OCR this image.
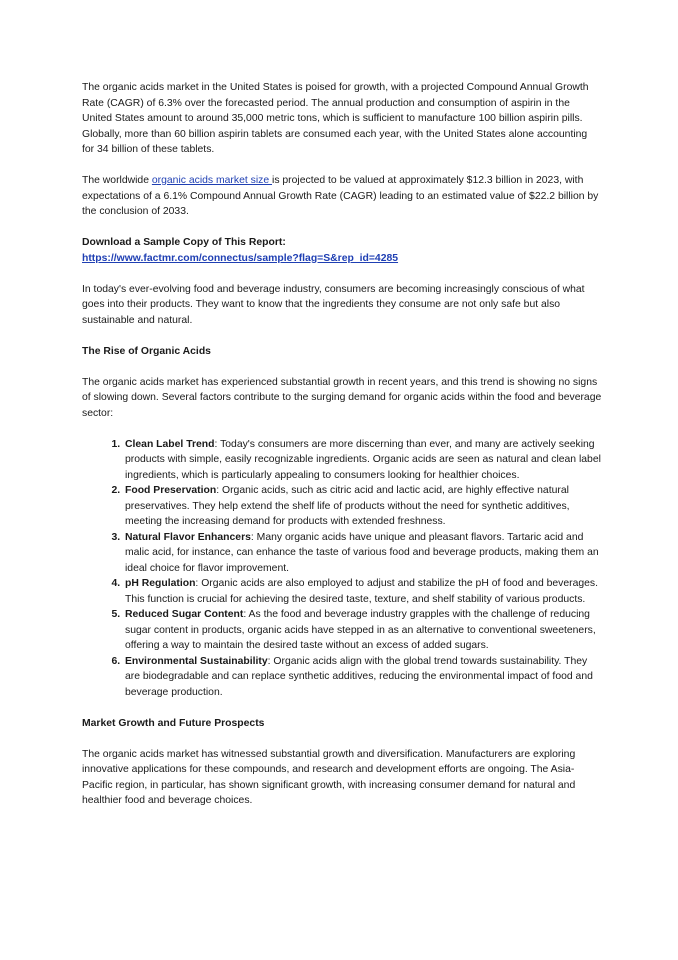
The organic acids market in the United States is poised for growth, with a projected Compound Annual Growth Rate (CAGR) of 6.3% over the forecasted period. The annual production and consumption of aspirin in the United States amount to around 35,000 metric tons, which is sufficient to manufacture 100 billion aspirin pills. Globally, more than 60 billion aspirin tablets are consumed each year, with the United States alone accounting for 34 billion of these tablets.

The worldwide organic acids market size is projected to be valued at approximately $12.3 billion in 2023, with expectations of a 6.1% Compound Annual Growth Rate (CAGR) leading to an estimated value of $22.2 billion by the conclusion of 2033.

Download a Sample Copy of This Report:
https://www.factmr.com/connectus/sample?flag=S&rep_id=4285

In today's ever-evolving food and beverage industry, consumers are becoming increasingly conscious of what goes into their products. They want to know that the ingredients they consume are not only safe but also sustainable and natural.

The Rise of Organic Acids

The organic acids market has experienced substantial growth in recent years, and this trend is showing no signs of slowing down. Several factors contribute to the surging demand for organic acids within the food and beverage sector:

1. Clean Label Trend: Today's consumers are more discerning than ever, and many are actively seeking products with simple, easily recognizable ingredients. Organic acids are seen as natural and clean label ingredients, which is particularly appealing to consumers looking for healthier choices.
2. Food Preservation: Organic acids, such as citric acid and lactic acid, are highly effective natural preservatives. They help extend the shelf life of products without the need for synthetic additives, meeting the increasing demand for products with extended freshness.
3. Natural Flavor Enhancers: Many organic acids have unique and pleasant flavors. Tartaric acid and malic acid, for instance, can enhance the taste of various food and beverage products, making them an ideal choice for flavor improvement.
4. pH Regulation: Organic acids are also employed to adjust and stabilize the pH of food and beverages. This function is crucial for achieving the desired taste, texture, and shelf stability of various products.
5. Reduced Sugar Content: As the food and beverage industry grapples with the challenge of reducing sugar content in products, organic acids have stepped in as an alternative to conventional sweeteners, offering a way to maintain the desired taste without an excess of added sugars.
6. Environmental Sustainability: Organic acids align with the global trend towards sustainability. They are biodegradable and can replace synthetic additives, reducing the environmental impact of food and beverage production.

Market Growth and Future Prospects

The organic acids market has witnessed substantial growth and diversification. Manufacturers are exploring innovative applications for these compounds, and research and development efforts are ongoing. The Asia-Pacific region, in particular, has shown significant growth, with increasing consumer demand for natural and healthier food and beverage choices.
